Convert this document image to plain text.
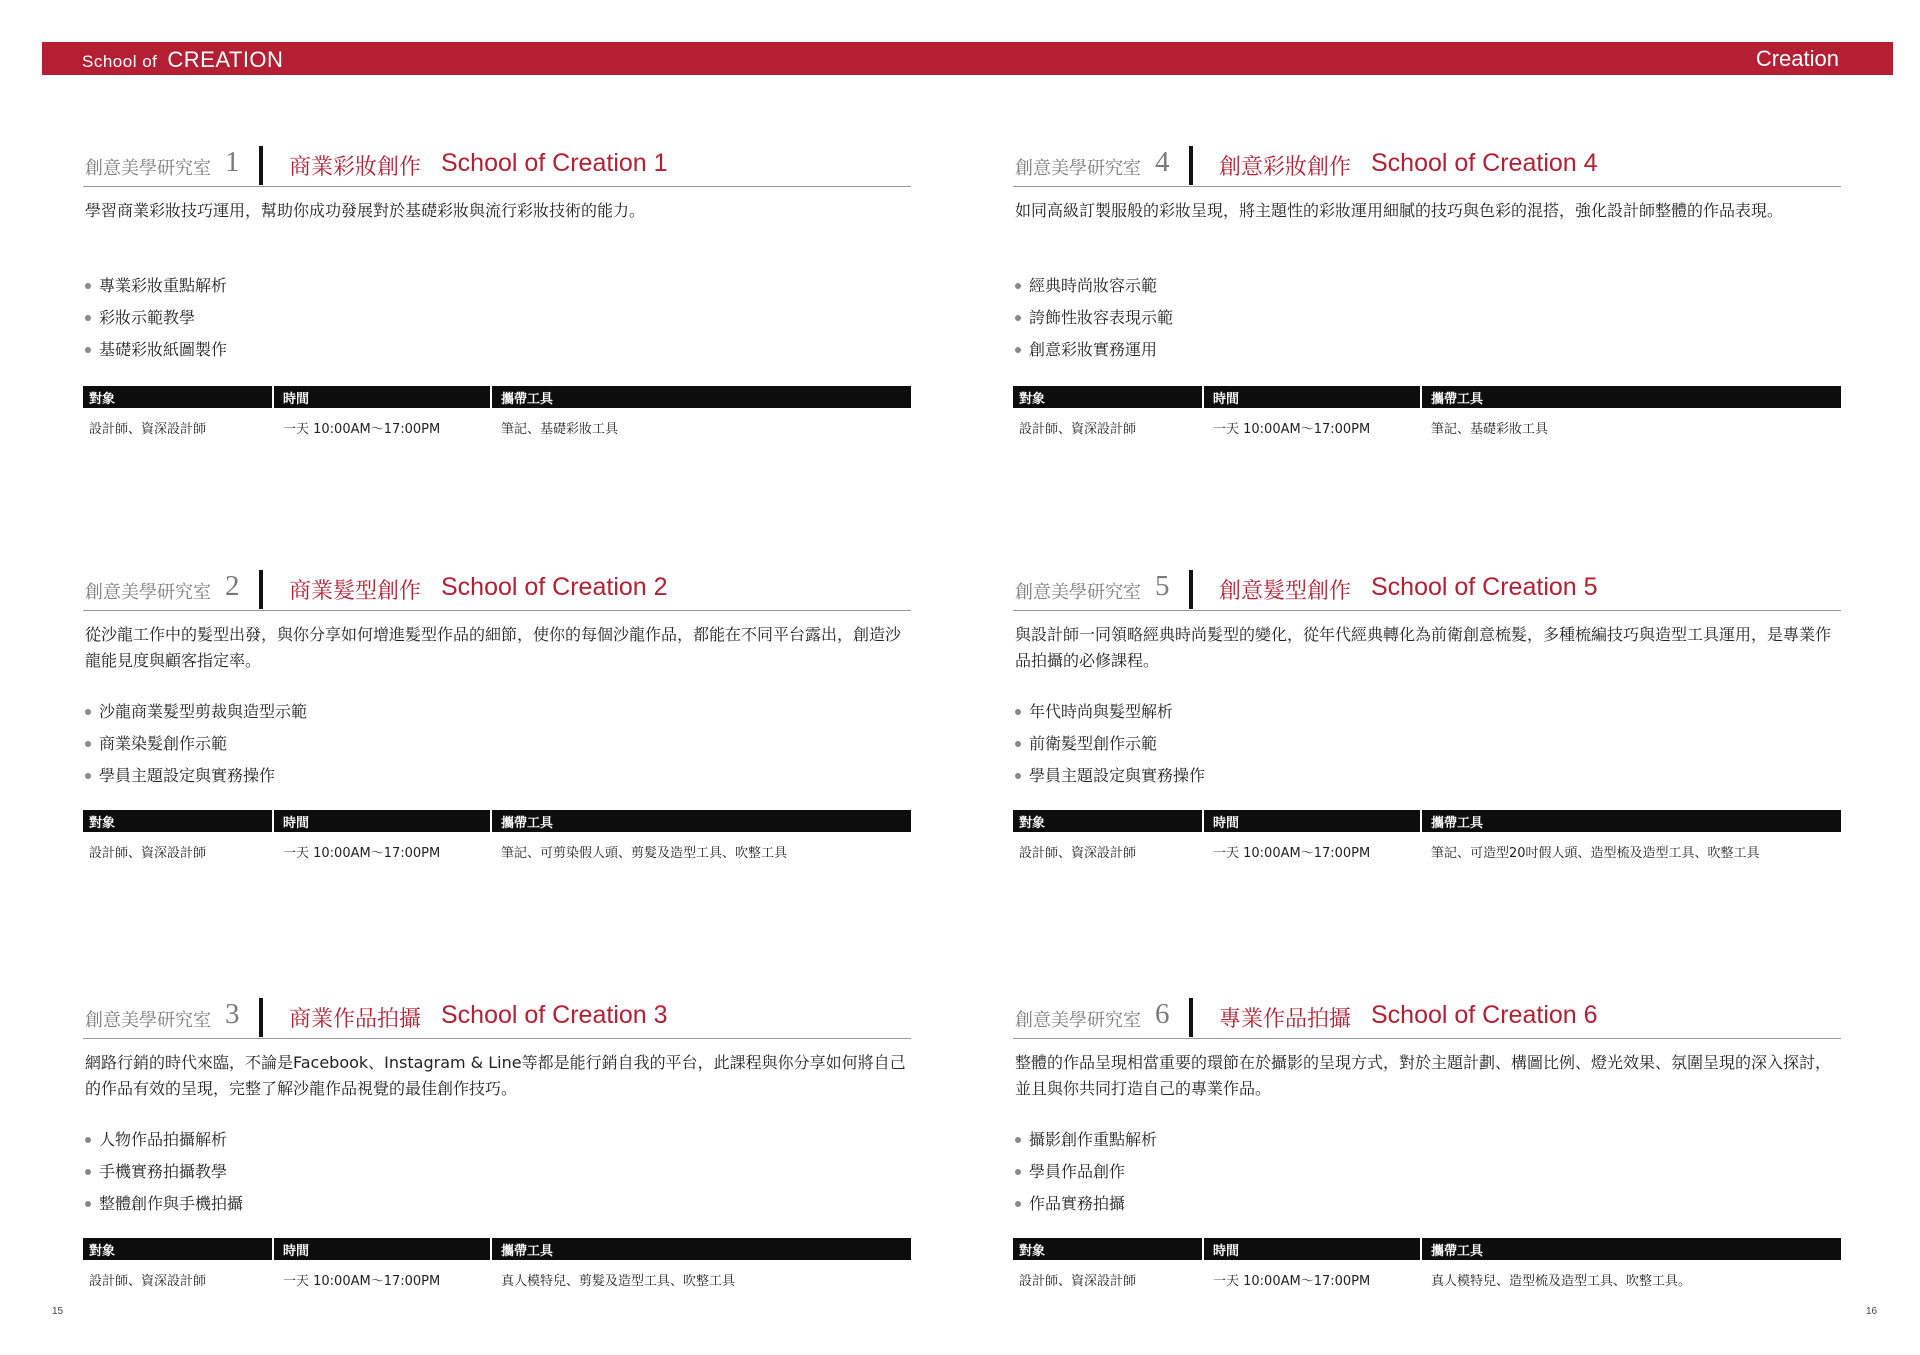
School of CREATION	Creation
創意美學研究室 1 商業彩妝創作 School of Creation 1
學習商業彩妝技巧運用，幫助你成功發展對於基礎彩妝與流行彩妝技術的能力。
專業彩妝重點解析
彩妝示範教學
基礎彩妝紙圖製作
對象	時間	攜帶工具
設計師、資深設計師	一天 10:00AM～17:00PM	筆記、基礎彩妝工具
創意美學研究室 2 商業髮型創作 School of Creation 2
從沙龍工作中的髮型出發，與你分享如何增進髮型作品的細節，使你的每個沙龍作品，都能在不同平台露出，創造沙龍能見度與顧客指定率。
沙龍商業髮型剪裁與造型示範
商業染髮創作示範
學員主題設定與實務操作
對象	時間	攜帶工具
設計師、資深設計師	一天 10:00AM～17:00PM	筆記、可剪染假人頭、剪髮及造型工具、吹整工具
創意美學研究室 3 商業作品拍攝 School of Creation 3
網路行銷的時代來臨，不論是Facebook、Instagram & Line等都是能行銷自我的平台，此課程與你分享如何將自己的作品有效的呈現，完整了解沙龍作品視覺的最佳創作技巧。
人物作品拍攝解析
手機實務拍攝教學
整體創作與手機拍攝
對象	時間	攜帶工具
設計師、資深設計師	一天 10:00AM～17:00PM	真人模特兒、剪髮及造型工具、吹整工具
創意美學研究室 4 創意彩妝創作 School of Creation 4
如同高級訂製服般的彩妝呈現，將主題性的彩妝運用細膩的技巧與色彩的混搭，強化設計師整體的作品表現。
經典時尚妝容示範
誇飾性妝容表現示範
創意彩妝實務運用
對象	時間	攜帶工具
設計師、資深設計師	一天 10:00AM～17:00PM	筆記、基礎彩妝工具
創意美學研究室 5 創意髮型創作 School of Creation 5
與設計師一同領略經典時尚髮型的變化，從年代經典轉化為前衛創意梳髮，多種梳編技巧與造型工具運用，是專業作品拍攝的必修課程。
年代時尚與髮型解析
前衛髮型創作示範
學員主題設定與實務操作
對象	時間	攜帶工具
設計師、資深設計師	一天 10:00AM～17:00PM	筆記、可造型20吋假人頭、造型梳及造型工具、吹整工具
創意美學研究室 6 專業作品拍攝 School of Creation 6
整體的作品呈現相當重要的環節在於攝影的呈現方式，對於主題計劃、構圖比例、燈光效果、氛圍呈現的深入探討，並且與你共同打造自己的專業作品。
攝影創作重點解析
學員作品創作
作品實務拍攝
對象	時間	攜帶工具
設計師、資深設計師	一天 10:00AM～17:00PM	真人模特兒、造型梳及造型工具、吹整工具。
15	16
